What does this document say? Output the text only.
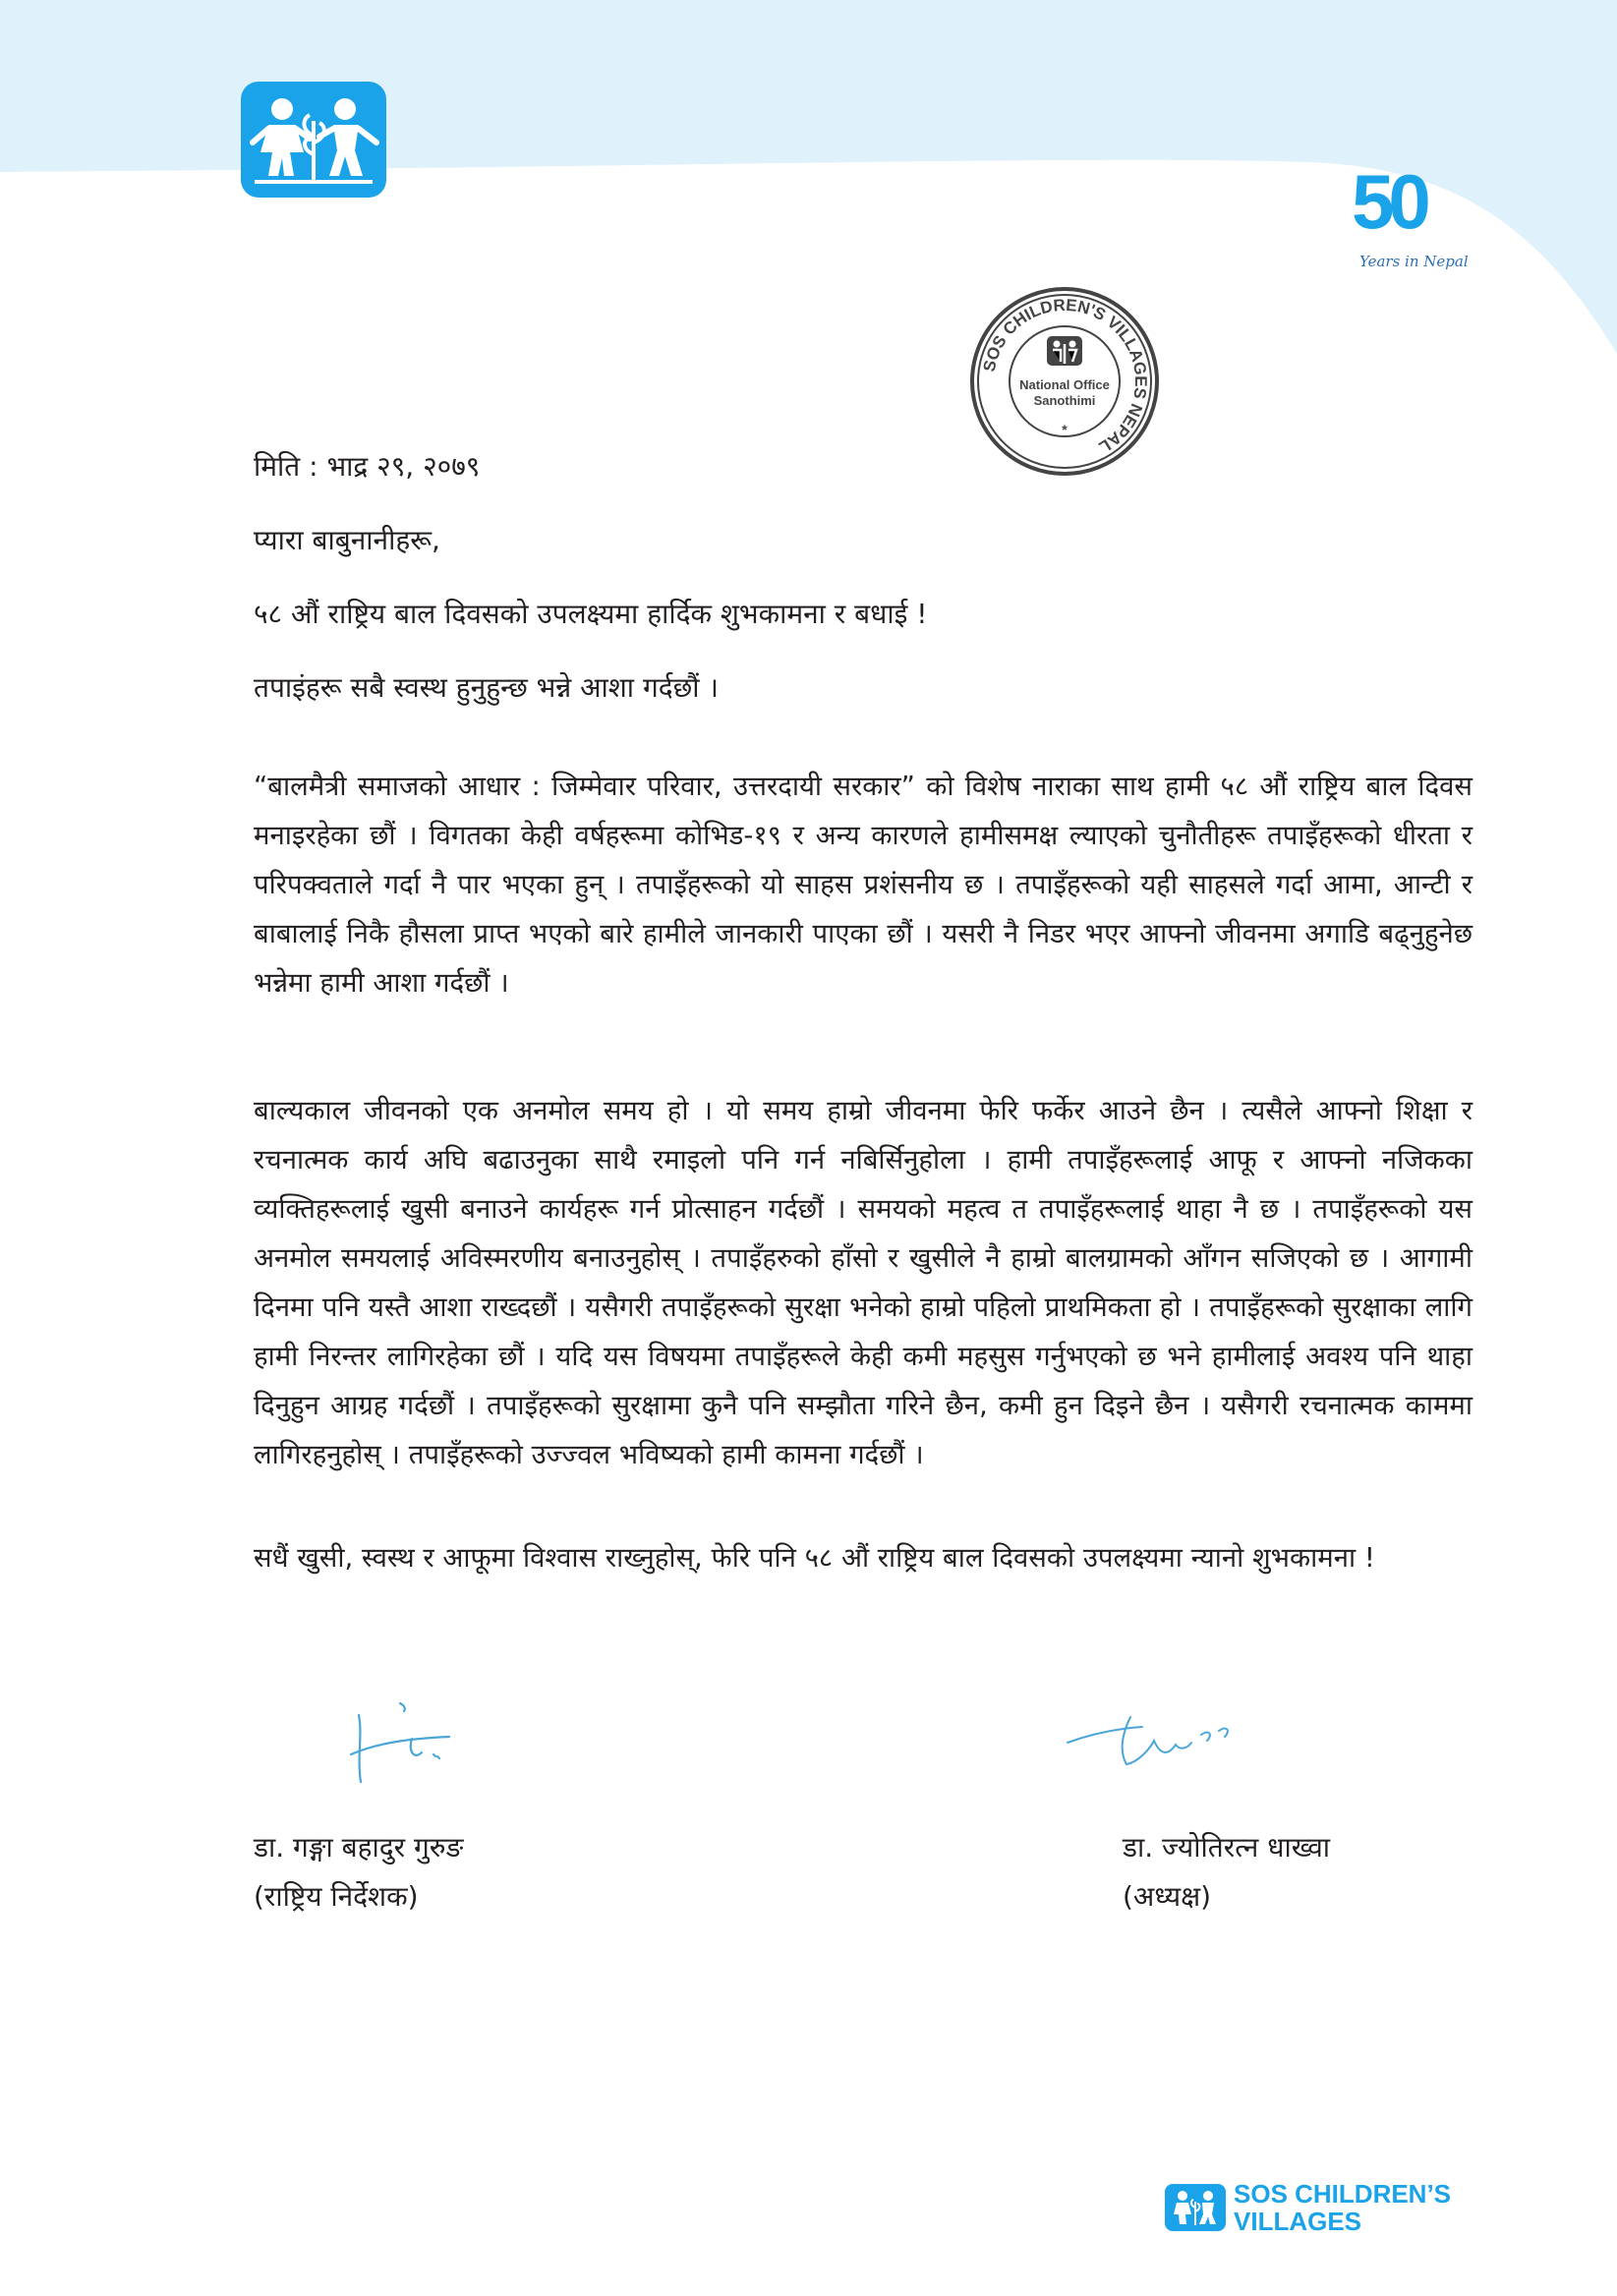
50
Years in Nepal
SOS CHILDREN'S VILLAGES NEPAL
National Office
Sanothimi
*
मिति : भाद्र २९, २०७९
प्यारा बाबुनानीहरू,
५८ औं राष्ट्रिय बाल दिवसको उपलक्ष्यमा हार्दिक शुभकामना र बधाई !
तपाइंहरू सबै स्वस्थ हुनुहुन्छ भन्ने आशा गर्दछौं ।
“बालमैत्री समाजको आधार : जिम्मेवार परिवार, उत्तरदायी सरकार” को विशेष नाराका साथ हामी ५८ औं राष्ट्रिय बाल दिवस मनाइरहेका छौं । विगतका केही वर्षहरूमा कोभिड-१९ र अन्य कारणले हामीसमक्ष ल्याएको चुनौतीहरू तपाइँहरूको धीरता र परिपक्वताले गर्दा नै पार भएका हुन् । तपाइँहरूको यो साहस प्रशंसनीय छ । तपाइँहरूको यही साहसले गर्दा आमा, आन्टी र बाबालाई निकै हौसला प्राप्त भएको बारे हामीले जानकारी पाएका छौं । यसरी नै निडर भएर आफ्नो जीवनमा अगाडि बढ्नुहुनेछ भन्नेमा हामी आशा गर्दछौं ।
बाल्यकाल जीवनको एक अनमोल समय हो । यो समय हाम्रो जीवनमा फेरि फर्केर आउने छैन । त्यसैले आफ्नो शिक्षा र रचनात्मक कार्य अघि बढाउनुका साथै रमाइलो पनि गर्न नबिर्सिनुहोला । हामी तपाइँहरूलाई आफू र आफ्नो नजिकका व्यक्तिहरूलाई खुसी बनाउने कार्यहरू गर्न प्रोत्साहन गर्दछौं । समयको महत्व त तपाइँहरूलाई थाहा नै छ । तपाइँहरूको यस अनमोल समयलाई अविस्मरणीय बनाउनुहोस् । तपाइँहरुको हाँसो र खुसीले नै हाम्रो बालग्रामको आँगन सजिएको छ । आगामी दिनमा पनि यस्तै आशा राख्दछौं । यसैगरी तपाइँहरूको सुरक्षा भनेको हाम्रो पहिलो प्राथमिकता हो । तपाइँहरूको सुरक्षाका लागि हामी निरन्तर लागिरहेका छौं । यदि यस विषयमा तपाइँहरूले केही कमी महसुस गर्नुभएको छ भने हामीलाई अवश्य पनि थाहा दिनुहुन आग्रह गर्दछौं । तपाइँहरूको सुरक्षामा कुनै पनि सम्झौता गरिने छैन, कमी हुन दिइने छैन । यसैगरी रचनात्मक काममा लागिरहनुहोस् । तपाइँहरूको उज्ज्वल भविष्यको हामी कामना गर्दछौं ।
सधैं खुसी, स्वस्थ र आफूमा विश्वास राख्नुहोस्, फेरि पनि ५८ औं राष्ट्रिय बाल दिवसको उपलक्ष्यमा न्यानो शुभकामना !
डा. गङ्गा बहादुर गुरुङ
(राष्ट्रिय निर्देशक)
डा. ज्योतिरत्न धाख्वा
(अध्यक्ष)
SOS CHILDREN’S
VILLAGES
